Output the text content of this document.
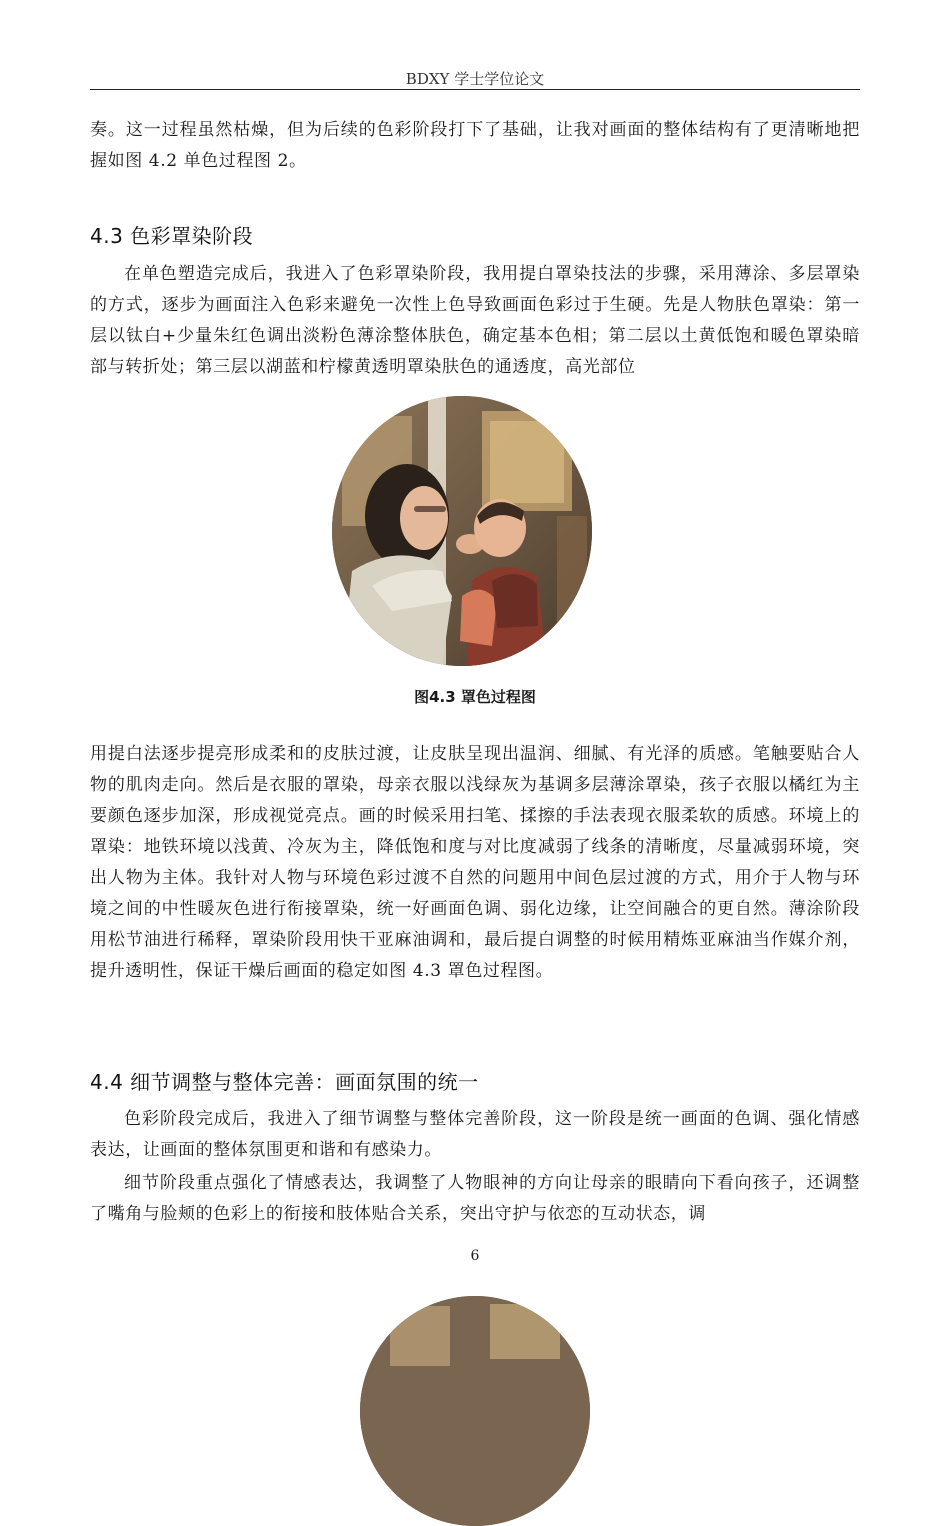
BDXY 学士学位论文

奏。这一过程虽然枯燥，但为后续的色彩阶段打下了基础，让我对画面的整体结构有了更清晰地把握如图 4.2 单色过程图 2。

4.3 色彩罩染阶段

在单色塑造完成后，我进入了色彩罩染阶段，我用提白罩染技法的步骤，采用薄涂、多层罩染的方式，逐步为画面注入色彩来避免一次性上色导致画面色彩过于生硬。先是人物肤色罩染：第一层以钛白+少量朱红色调出淡粉色薄涂整体肤色，确定基本色相；第二层以土黄低饱和暖色罩染暗部与转折处；第三层以湖蓝和柠檬黄透明罩染肤色的通透度，高光部位

图4.3 罩色过程图

用提白法逐步提亮形成柔和的皮肤过渡，让皮肤呈现出温润、细腻、有光泽的质感。笔触要贴合人物的肌肉走向。然后是衣服的罩染，母亲衣服以浅绿灰为基调多层薄涂罩染，孩子衣服以橘红为主要颜色逐步加深，形成视觉亮点。画的时候采用扫笔、揉擦的手法表现衣服柔软的质感。环境上的罩染：地铁环境以浅黄、冷灰为主，降低饱和度与对比度减弱了线条的清晰度，尽量减弱环境，突出人物为主体。我针对人物与环境色彩过渡不自然的问题用中间色层过渡的方式，用介于人物与环境之间的中性暖灰色进行衔接罩染，统一好画面色调、弱化边缘，让空间融合的更自然。薄涂阶段用松节油进行稀释，罩染阶段用快干亚麻油调和，最后提白调整的时候用精炼亚麻油当作媒介剂，提升透明性，保证干燥后画面的稳定如图 4.3 罩色过程图。

4.4 细节调整与整体完善：画面氛围的统一

色彩阶段完成后，我进入了细节调整与整体完善阶段，这一阶段是统一画面的色调、强化情感表达，让画面的整体氛围更和谐和有感染力。

细节阶段重点强化了情感表达，我调整了人物眼神的方向让母亲的眼睛向下看向孩子，还调整了嘴角与脸颊的色彩上的衔接和肢体贴合关系，突出守护与依恋的互动状态，调

6
